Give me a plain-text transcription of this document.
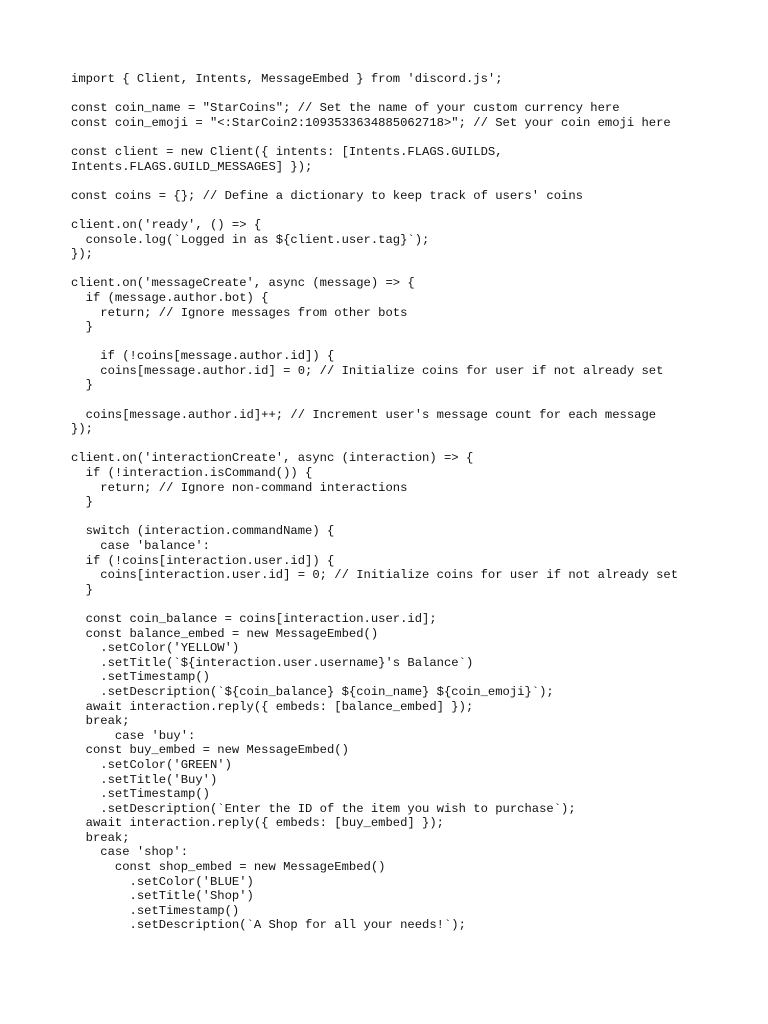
import { Client, Intents, MessageEmbed } from 'discord.js';
const coin_name = "StarCoins"; // Set the name of your custom currency here
const coin_emoji = "<:StarCoin2:1093533634885062718>"; // Set your coin emoji here
const client = new Client({ intents: [Intents.FLAGS.GUILDS,
Intents.FLAGS.GUILD_MESSAGES] });
const coins = {}; // Define a dictionary to keep track of users' coins
client.on('ready', () => {
console.log(`Logged in as ${client.user.tag}`);
});
client.on('messageCreate', async (message) => {
if (message.author.bot) {
return; // Ignore messages from other bots
}
if (!coins[message.author.id]) {
coins[message.author.id] = 0; // Initialize coins for user if not already set
}
coins[message.author.id]++; // Increment user's message count for each message
});
client.on('interactionCreate', async (interaction) => {
if (!interaction.isCommand()) {
return; // Ignore non-command interactions
}
switch (interaction.commandName) {
case 'balance':
if (!coins[interaction.user.id]) {
coins[interaction.user.id] = 0; // Initialize coins for user if not already set
}
const coin_balance = coins[interaction.user.id];
const balance_embed = new MessageEmbed()
.setColor('YELLOW')
.setTitle(`${interaction.user.username}'s Balance`)
.setTimestamp()
.setDescription(`${coin_balance} ${coin_name} ${coin_emoji}`);
await interaction.reply({ embeds: [balance_embed] });
break;
case 'buy':
const buy_embed = new MessageEmbed()
.setColor('GREEN')
.setTitle('Buy')
.setTimestamp()
.setDescription(`Enter the ID of the item you wish to purchase`);
await interaction.reply({ embeds: [buy_embed] });
break;
case 'shop':
const shop_embed = new MessageEmbed()
.setColor('BLUE')
.setTitle('Shop')
.setTimestamp()
.setDescription(`A Shop for all your needs!`);
